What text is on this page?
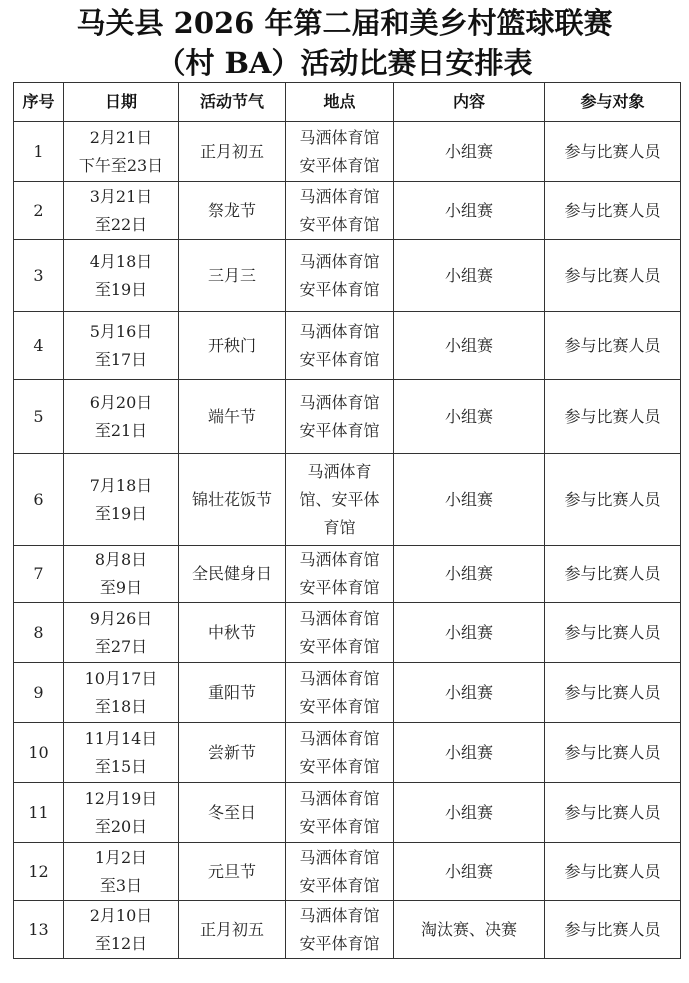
马关县 2026 年第二届和美乡村篮球联赛
（村 BA）活动比赛日安排表
序号	日期	活动节气	地点	内容	参与对象

1	2月21日
下午至23日	正月初五	马洒体育馆
安平体育馆	小组赛	参与比赛人员

2	3月21日
至22日	祭龙节	马洒体育馆
安平体育馆	小组赛	参与比赛人员

3	4月18日
至19日	三月三	马洒体育馆
安平体育馆	小组赛	参与比赛人员

4	5月16日
至17日	开秧门	马洒体育馆
安平体育馆	小组赛	参与比赛人员

5	6月20日
至21日	端午节	马洒体育馆
安平体育馆	小组赛	参与比赛人员

6	7月18日
至19日	锦壮花饭节	马洒体育
馆、安平体
育馆	小组赛	参与比赛人员

7	8月8日
至9日	全民健身日	马洒体育馆
安平体育馆	小组赛	参与比赛人员

8	9月26日
至27日	中秋节	马洒体育馆
安平体育馆	小组赛	参与比赛人员

9	10月17日
至18日	重阳节	马洒体育馆
安平体育馆	小组赛	参与比赛人员

10	11月14日
至15日	尝新节	马洒体育馆
安平体育馆	小组赛	参与比赛人员

11	12月19日
至20日	冬至日	马洒体育馆
安平体育馆	小组赛	参与比赛人员

12	1月2日
至3日	元旦节	马洒体育馆
安平体育馆	小组赛	参与比赛人员

13	2月10日
至12日	正月初五	马洒体育馆
安平体育馆	淘汰赛、决赛	参与比赛人员
